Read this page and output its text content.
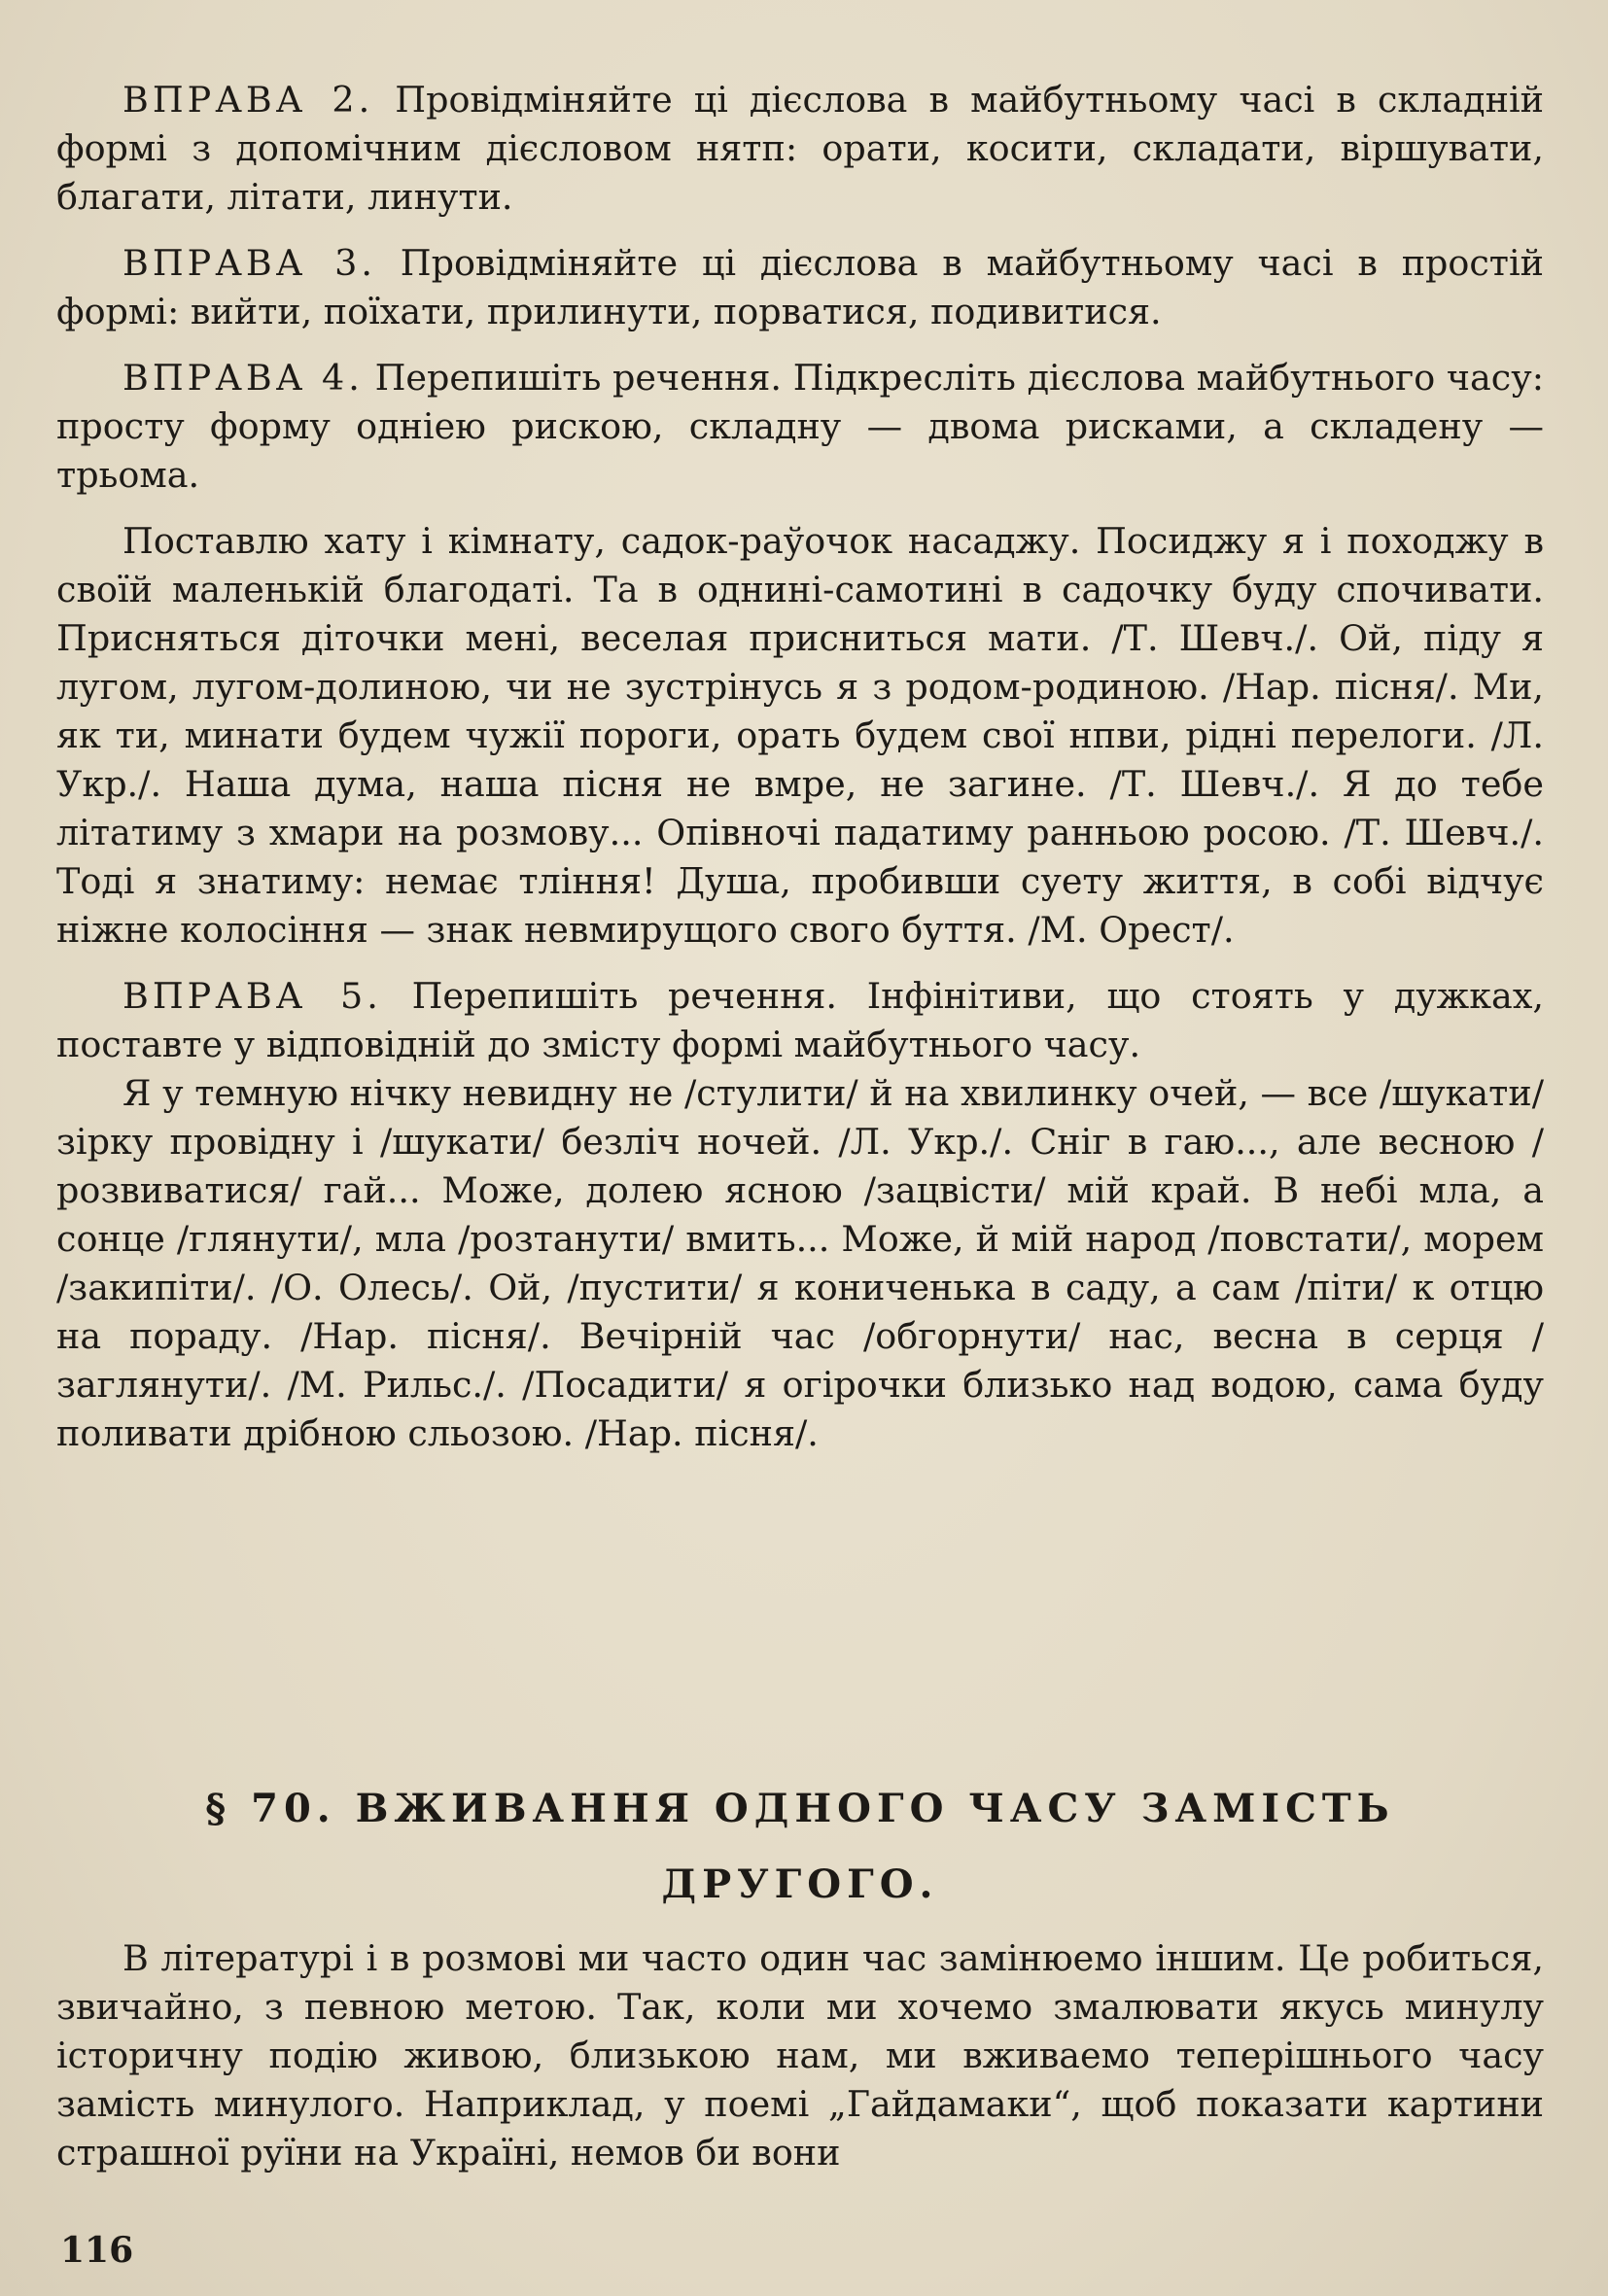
ВПРАВА 2. Провідміняйте ці дієслова в майбутньому часі в складній формі з допомічним дієсловом нятп: орати, косити, складати, віршувати, благати, літати, линути.

ВПРАВА 3. Провідміняйте ці дієслова в майбутньому часі в простій формі: вийти, поїхати, прилинути, порватися, подивитися.

ВПРАВА 4. Перепишіть речення. Підкресліть дієслова майбутнього часу: просту форму одніею рискою, складну — двома рисками, а складену — трьома.

Поставлю хату і кімнату, садок-раўочок насаджу. Посиджу я і походжу в своїй маленькій благодаті. Та в однині-самотині в садочку буду спочивати. Присняться діточки мені, веселая присниться мати. /Т. Шевч./. Ой, піду я лугом, лугом-долиною, чи не зустрінусь я з родом-родиною. /Нар. пісня/. Ми, як ти, минати будем чужії пороги, орать будем свої нпви, рідні перелоги. /Л. Укр./. Наша дума, наша пісня не вмре, не загине. /Т. Шевч./. Я до тебе літатиму з хмари на розмову... Опівночі падатиму ранньою росою. /Т. Шевч./. Тоді я знатиму: немає тління! Душа, пробивши суету життя, в собі відчує ніжне колосіння — знак невмирущого свого буття. /М. Орест/.

ВПРАВА 5. Перепишіть речення. Інфінітиви, що стоять у дужках, поставте у відповідній до змісту формі майбутнього часу.

Я у темную нічку невидну не /стулити/ й на хвилинку очей, — все /шукати/ зірку провідну і /шукати/ безліч ночей. /Л. Укр./. Сніг в гаю..., але весною /розвиватися/ гай... Може, долею ясною /зацвісти/ мій край. В небі мла, а сонце /глянути/, мла /розтанути/ вмить... Може, й мій народ /повстати/, морем /закипіти/. /О. Олесь/. Ой, /пустити/ я кониченька в саду, а сам /піти/ к отцю на пораду. /Нар. пісня/. Вечірній час /обгорнути/ нас, весна в серця /заглянути/. /М. Рильс./. /Посадити/ я огірочки близько над водою, сама буду поливати дрібною сльозою. /Нар. пісня/.

§ 70. ВЖИВАННЯ ОДНОГО ЧАСУ ЗАМІСТЬ
ДРУГОГО.

В літературі і в розмові ми часто один час замінюемо іншим. Це робиться, звичайно, з певною метою. Так, коли ми хочемо змалювати якусь минулу історичну подію живою, близькою нам, ми вживаемо теперішнього часу замість минулого. Наприклад, у поемі „Гайдамаки“, щоб показати картини страшної руїни на Україні, немов би вони

116
